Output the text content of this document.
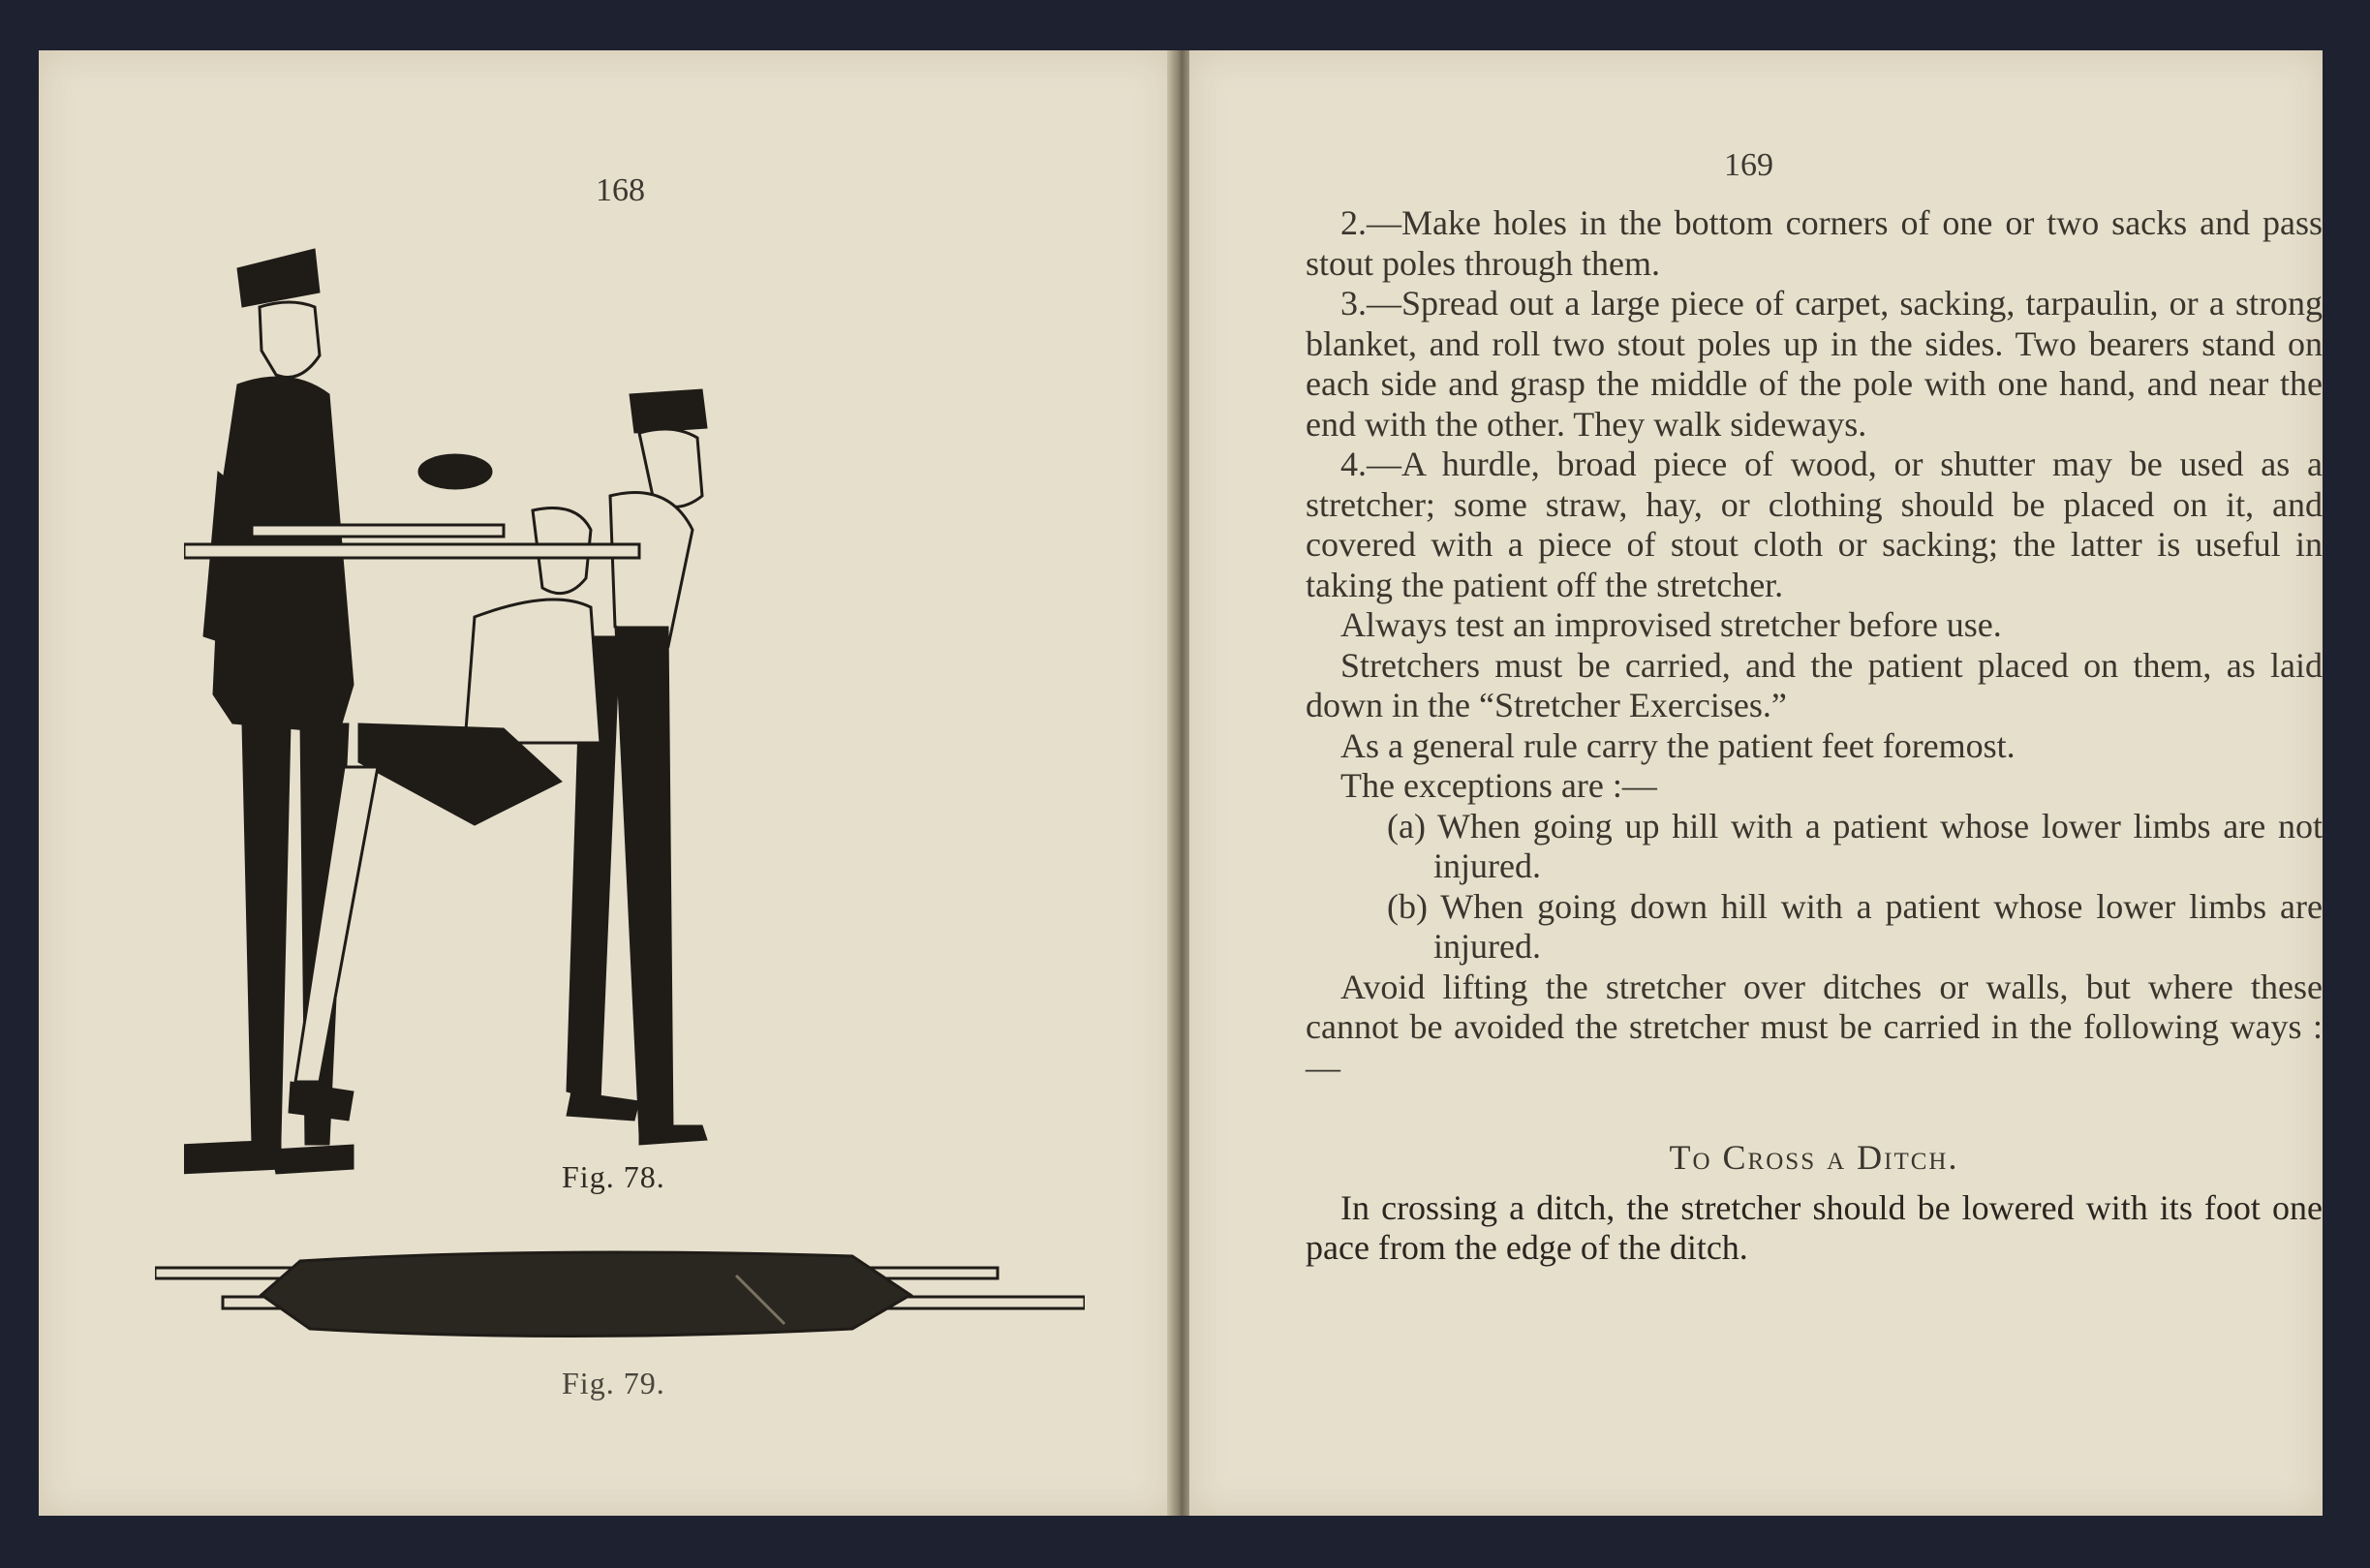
168
Fig. 78.
Fig. 79.
169

2.—Make holes in the bottom corners of one or two sacks and pass stout poles through them.

3.—Spread out a large piece of carpet, sacking, tarpaulin, or a strong blanket, and roll two stout poles up in the sides. Two bearers stand on each side and grasp the middle of the pole with one hand, and near the end with the other. They walk sideways.

4.—A hurdle, broad piece of wood, or shutter may be used as a stretcher; some straw, hay, or clothing should be placed on it, and covered with a piece of stout cloth or sacking; the latter is useful in taking the patient off the stretcher.

Always test an improvised stretcher before use.

Stretchers must be carried, and the patient placed on them, as laid down in the “Stretcher Exercises.”

As a general rule carry the patient feet foremost.

The exceptions are :—

(a) When going up hill with a patient whose lower limbs are not injured.

(b) When going down hill with a patient whose lower limbs are injured.

Avoid lifting the stretcher over ditches or walls, but where these cannot be avoided the stretcher must be carried in the following ways :—

To Cross a Ditch.

In crossing a ditch, the stretcher should be lowered with its foot one pace from the edge of the ditch.
